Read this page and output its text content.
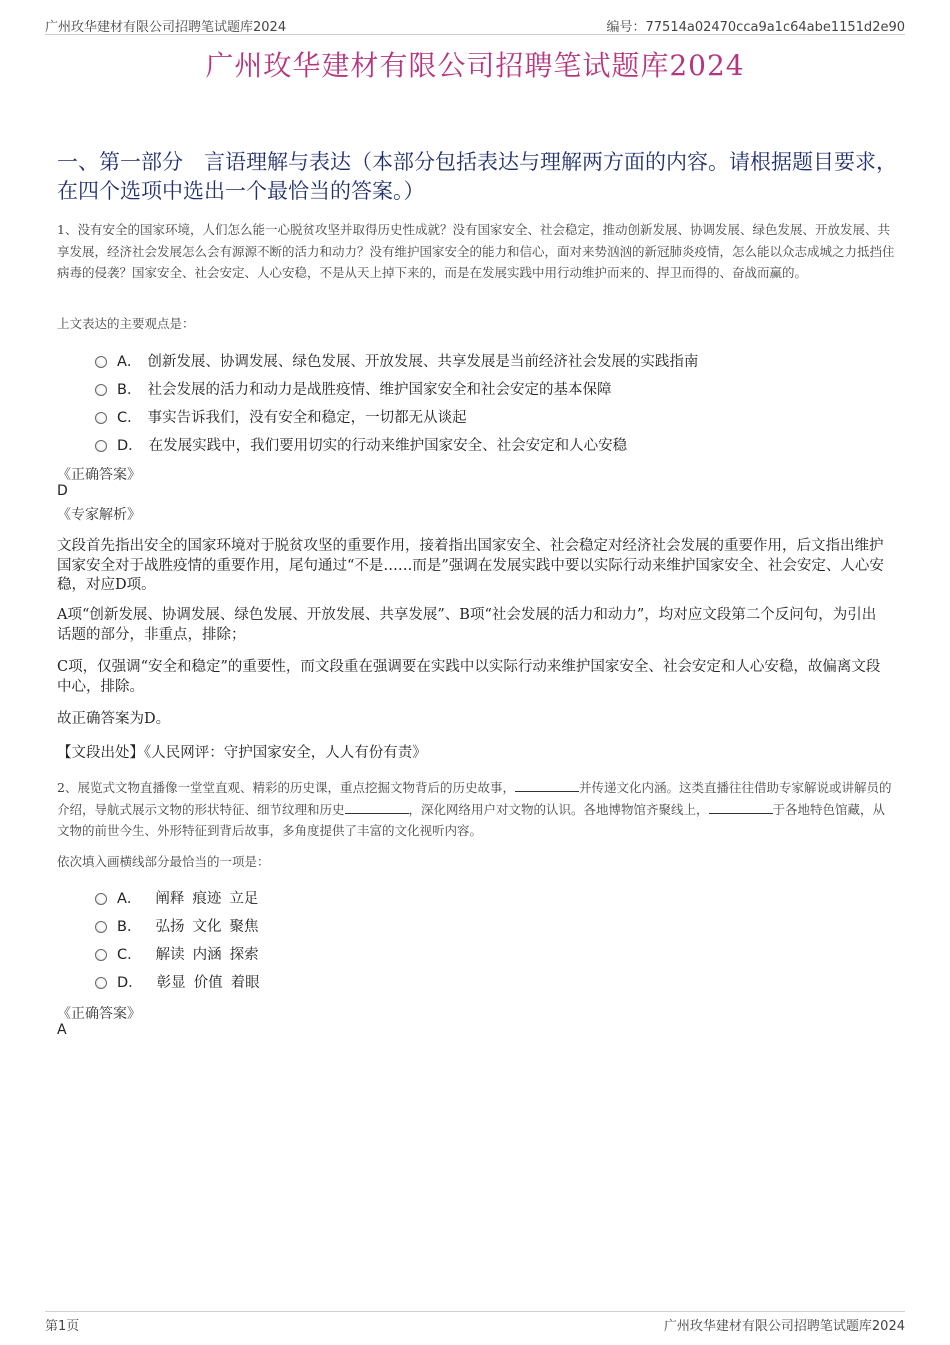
广州玫华建材有限公司招聘笔试题库2024	编号：77514a02470cca9a1c64abe1151d2e90
广州玫华建材有限公司招聘笔试题库2024
一、第一部分　言语理解与表达（本部分包括表达与理解两方面的内容。请根据题目要求，在四个选项中选出一个最恰当的答案。）
1、没有安全的国家环境，人们怎么能一心脱贫攻坚并取得历史性成就？没有国家安全、社会稳定，推动创新发展、协调发展、绿色发展、开放发展、共享发展，经济社会发展怎么会有源源不断的活力和动力？没有维护国家安全的能力和信心，面对来势汹汹的新冠肺炎疫情，怎么能以众志成城之力抵挡住病毒的侵袭？国家安全、社会安定、人心安稳，不是从天上掉下来的，而是在发展实践中用行动维护而来的、捍卫而得的、奋战而赢的。
上文表达的主要观点是：
A． 创新发展、协调发展、绿色发展、开放发展、共享发展是当前经济社会发展的实践指南
B． 社会发展的活力和动力是战胜疫情、维护国家安全和社会安定的基本保障
C． 事实告诉我们，没有安全和稳定，一切都无从谈起
D． 在发展实践中，我们要用切实的行动来维护国家安全、社会安定和人心安稳
《正确答案》
D
《专家解析》
文段首先指出安全的国家环境对于脱贫攻坚的重要作用，接着指出国家安全、社会稳定对经济社会发展的重要作用，后文指出维护国家安全对于战胜疫情的重要作用，尾句通过“不是……而是”强调在发展实践中要以实际行动来维护国家安全、社会安定、人心安稳，对应D项。
A项“创新发展、协调发展、绿色发展、开放发展、共享发展”、B项“社会发展的活力和动力”，均对应文段第二个反问句，为引出话题的部分，非重点，排除；
C项，仅强调“安全和稳定”的重要性，而文段重在强调要在实践中以实际行动来维护国家安全、社会安定和人心安稳，故偏离文段中心，排除。
故正确答案为D。
【文段出处】《人民网评：守护国家安全，人人有份有责》
2、展览式文物直播像一堂堂直观、精彩的历史课，重点挖掘文物背后的历史故事，	并传递文化内涵。这类直播往往借助专家解说或讲解员的介绍，导航式展示文物的形状特征、细节纹理和历史	，深化网络用户对文物的认识。各地博物馆齐聚线上，	于各地特色馆藏，从文物的前世今生、外形特征到背后故事，多角度提供了丰富的文化视听内容。
依次填入画横线部分最恰当的一项是：
A． 阐释 痕迹 立足
B． 弘扬 文化 聚焦
C． 解读 内涵 探索
D． 彰显 价值 着眼
《正确答案》
A
第1页	广州玫华建材有限公司招聘笔试题库2024
